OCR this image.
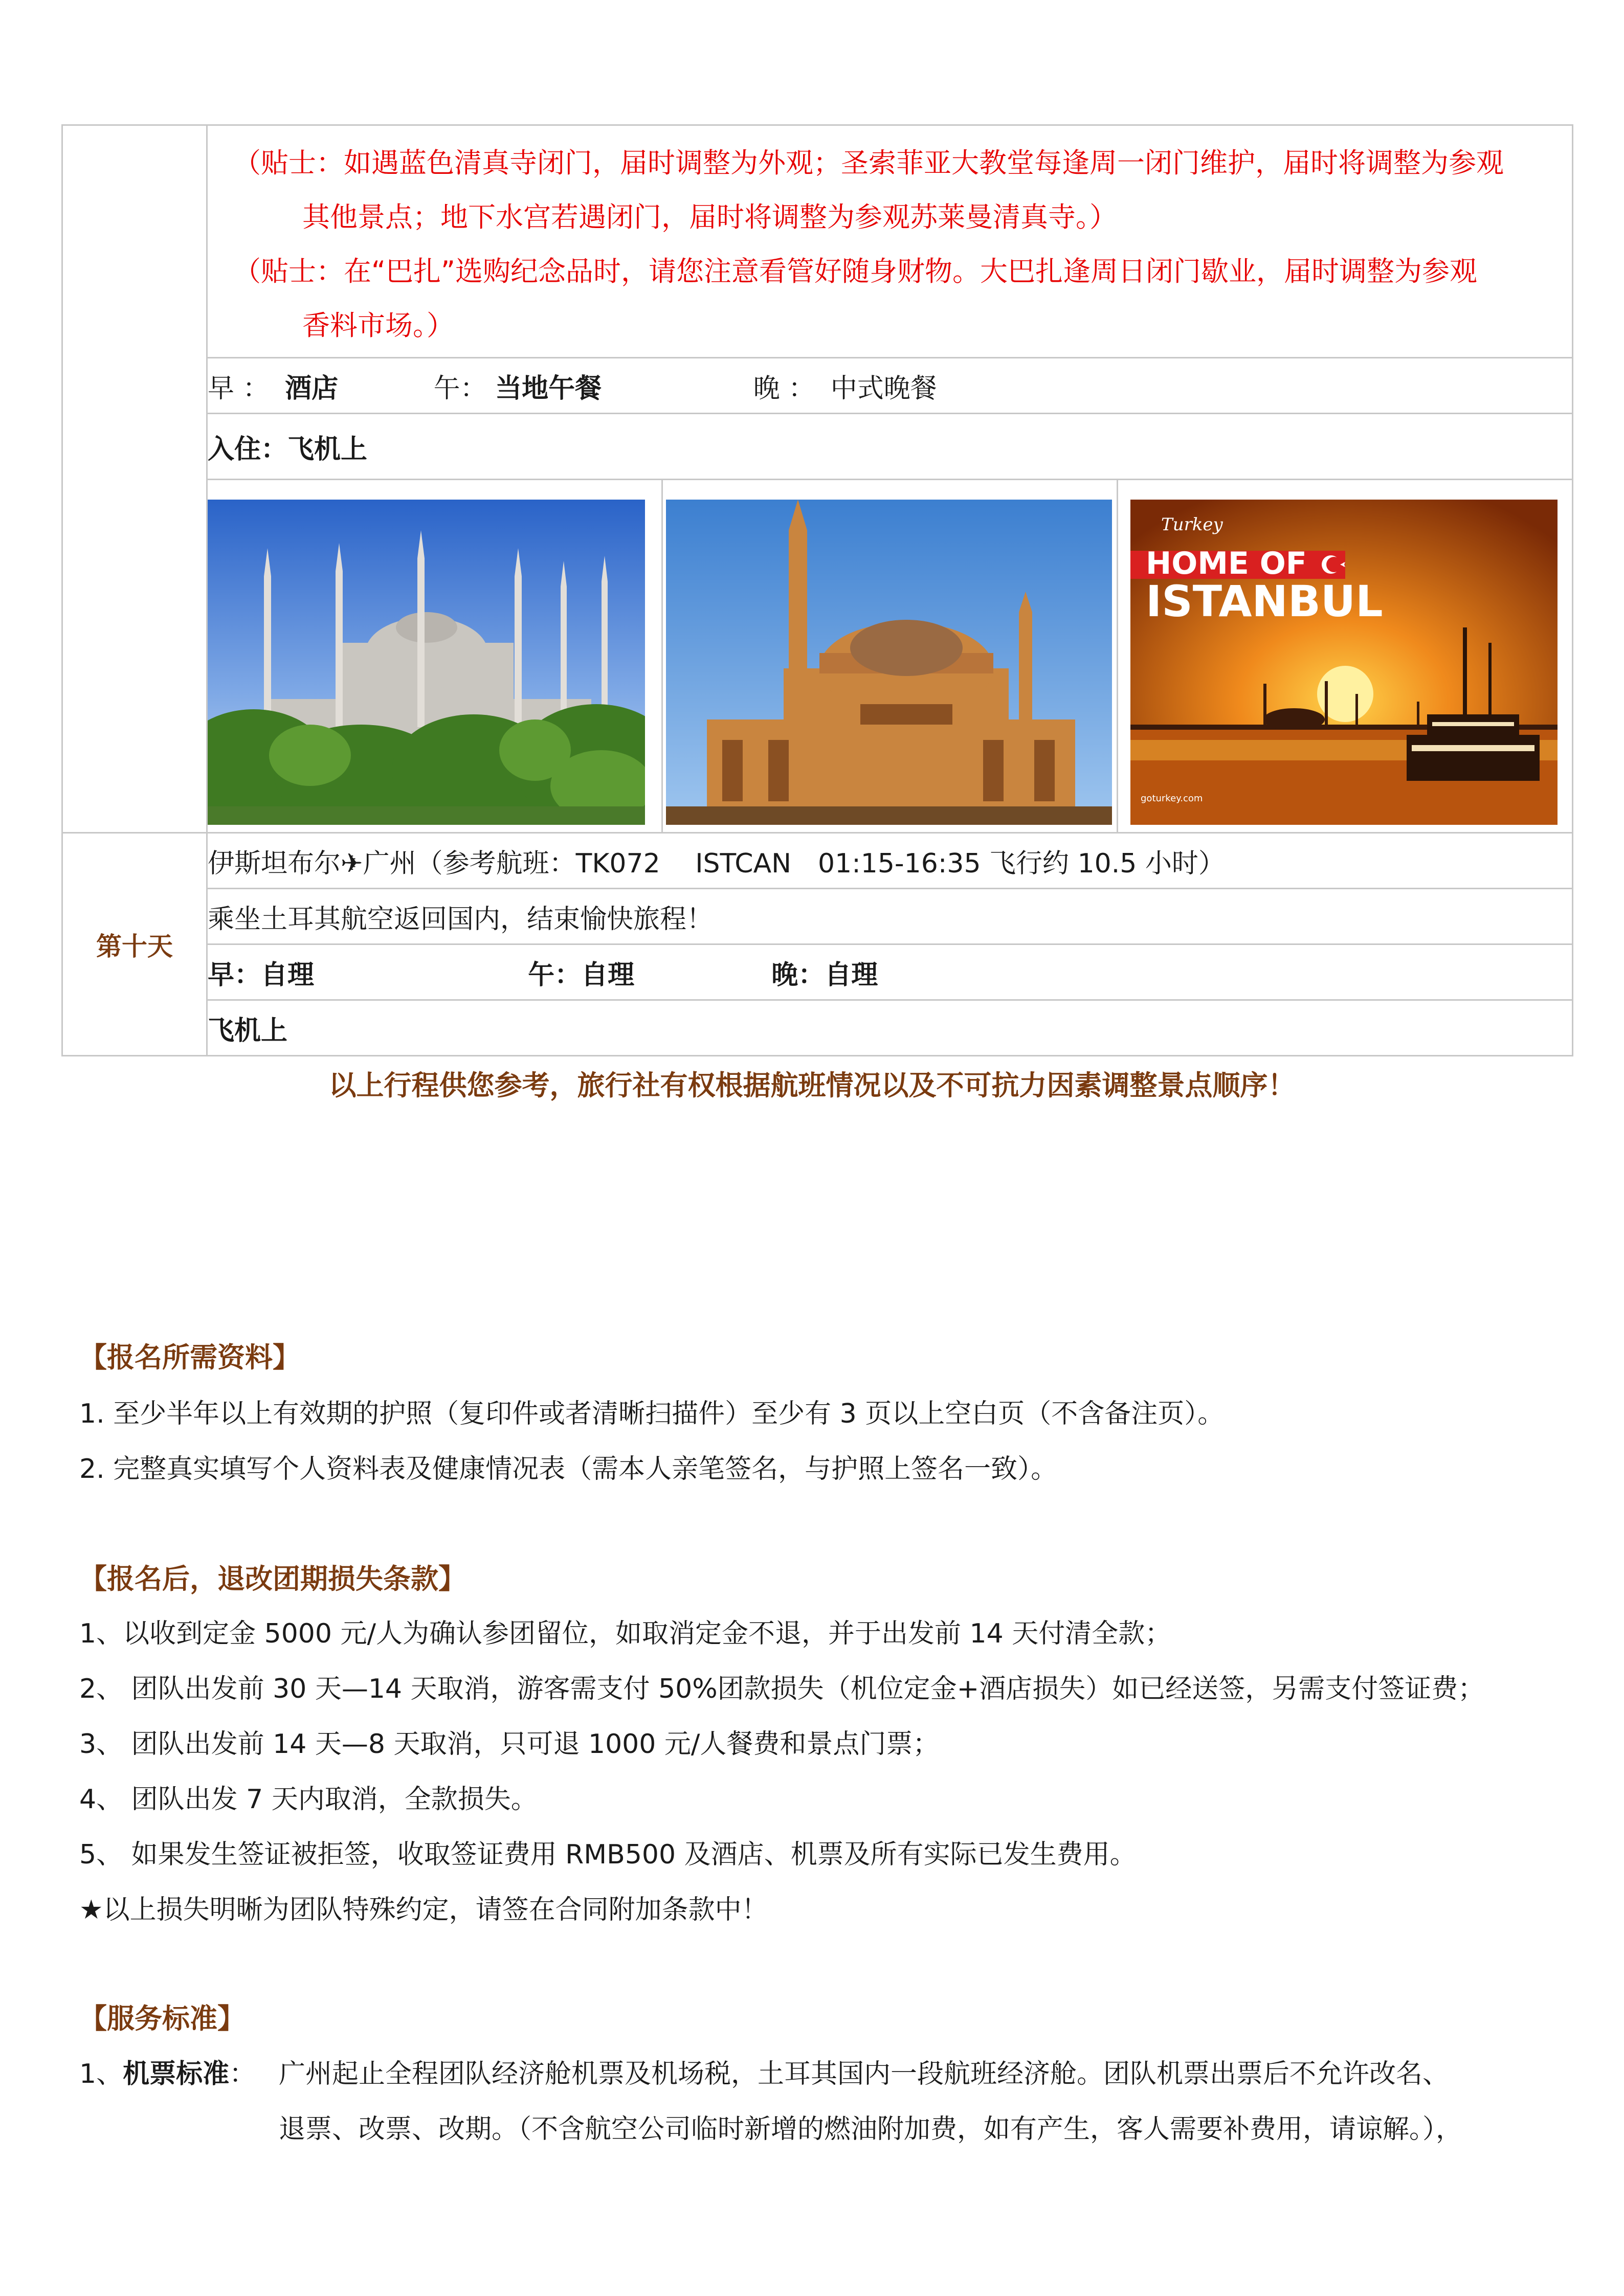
	（贴士：如遇蓝色清真寺闭门，届时调整为外观；圣索菲亚大教堂每逢周一闭门维护，届时将调整为参观
其他景点；地下水宫若遇闭门，届时将调整为参观苏莱曼清真寺。）
（贴士：在“巴扎”选购纪念品时，请您注意看管好随身财物。大巴扎逢周日闭门歇业，届时调整为参观
香料市场。）

	早 ： 酒店 午： 当地午餐 晚 ： 中式晚餐
	入住：飞机上

Turkey
HOME OF
ISTANBUL
goturkey.com

第十天	伊斯坦布尔✈广州（参考航班：TK072　 ISTCAN　01:15-16:35 飞行约 10.5 小时）
	乘坐土耳其航空返回国内，结束愉快旅程！
	早：自理 午：自理 晚：自理
	飞机上
以上行程供您参考，旅行社有权根据航班情况以及不可抗力因素调整景点顺序！
【报名所需资料】
1. 至少半年以上有效期的护照（复印件或者清晰扫描件）至少有 3 页以上空白页（不含备注页）。
2. 完整真实填写个人资料表及健康情况表（需本人亲笔签名，与护照上签名一致）。
【报名后，退改团期损失条款】
1、以收到定金 5000 元/人为确认参团留位，如取消定金不退，并于出发前 14 天付清全款；
2、 团队出发前 30 天—14 天取消，游客需支付 50%团款损失（机位定金+酒店损失）如已经送签，另需支付签证费；
3、 团队出发前 14 天—8 天取消，只可退 1000 元/人餐费和景点门票；
4、 团队出发 7 天内取消，全款损失。
5、 如果发生签证被拒签，收取签证费用 RMB500 及酒店、机票及所有实际已发生费用。
★以上损失明晰为团队特殊约定，请签在合同附加条款中！
【服务标准】
1、机票标准： 广州起止全程团队经济舱机票及机场税，土耳其国内一段航班经济舱。团队机票出票后不允许改名、
退票、改票、改期。（不含航空公司临时新增的燃油附加费，如有产生，客人需要补费用，请谅解。），
